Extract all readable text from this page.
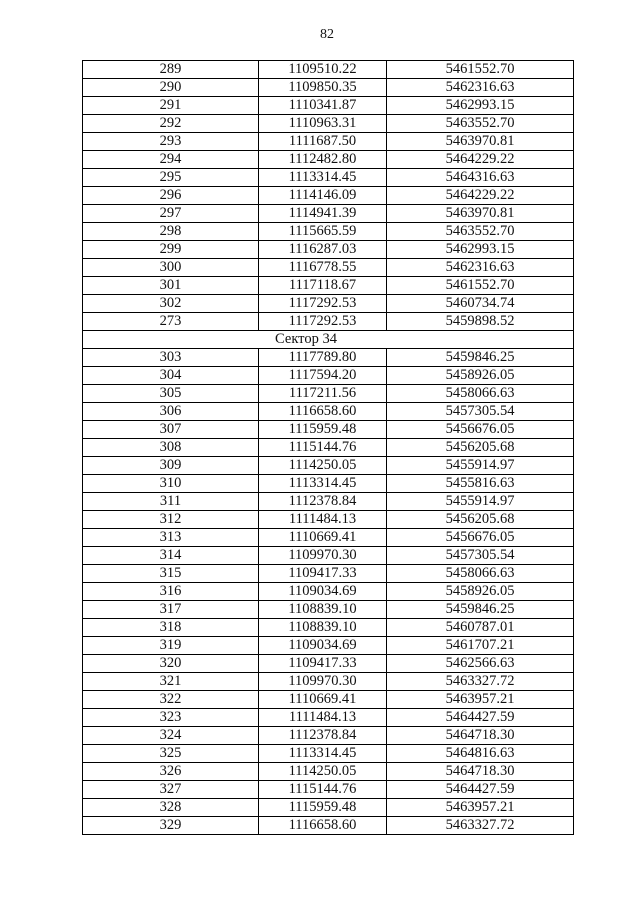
82
289	1109510.22	5461552.70
290	1109850.35	5462316.63
291	1110341.87	5462993.15
292	1110963.31	5463552.70
293	1111687.50	5463970.81
294	1112482.80	5464229.22
295	1113314.45	5464316.63
296	1114146.09	5464229.22
297	1114941.39	5463970.81
298	1115665.59	5463552.70
299	1116287.03	5462993.15
300	1116778.55	5462316.63
301	1117118.67	5461552.70
302	1117292.53	5460734.74
273	1117292.53	5459898.52
Сектор 34		
303	1117789.80	5459846.25
304	1117594.20	5458926.05
305	1117211.56	5458066.63
306	1116658.60	5457305.54
307	1115959.48	5456676.05
308	1115144.76	5456205.68
309	1114250.05	5455914.97
310	1113314.45	5455816.63
311	1112378.84	5455914.97
312	1111484.13	5456205.68
313	1110669.41	5456676.05
314	1109970.30	5457305.54
315	1109417.33	5458066.63
316	1109034.69	5458926.05
317	1108839.10	5459846.25
318	1108839.10	5460787.01
319	1109034.69	5461707.21
320	1109417.33	5462566.63
321	1109970.30	5463327.72
322	1110669.41	5463957.21
323	1111484.13	5464427.59
324	1112378.84	5464718.30
325	1113314.45	5464816.63
326	1114250.05	5464718.30
327	1115144.76	5464427.59
328	1115959.48	5463957.21
329	1116658.60	5463327.72
